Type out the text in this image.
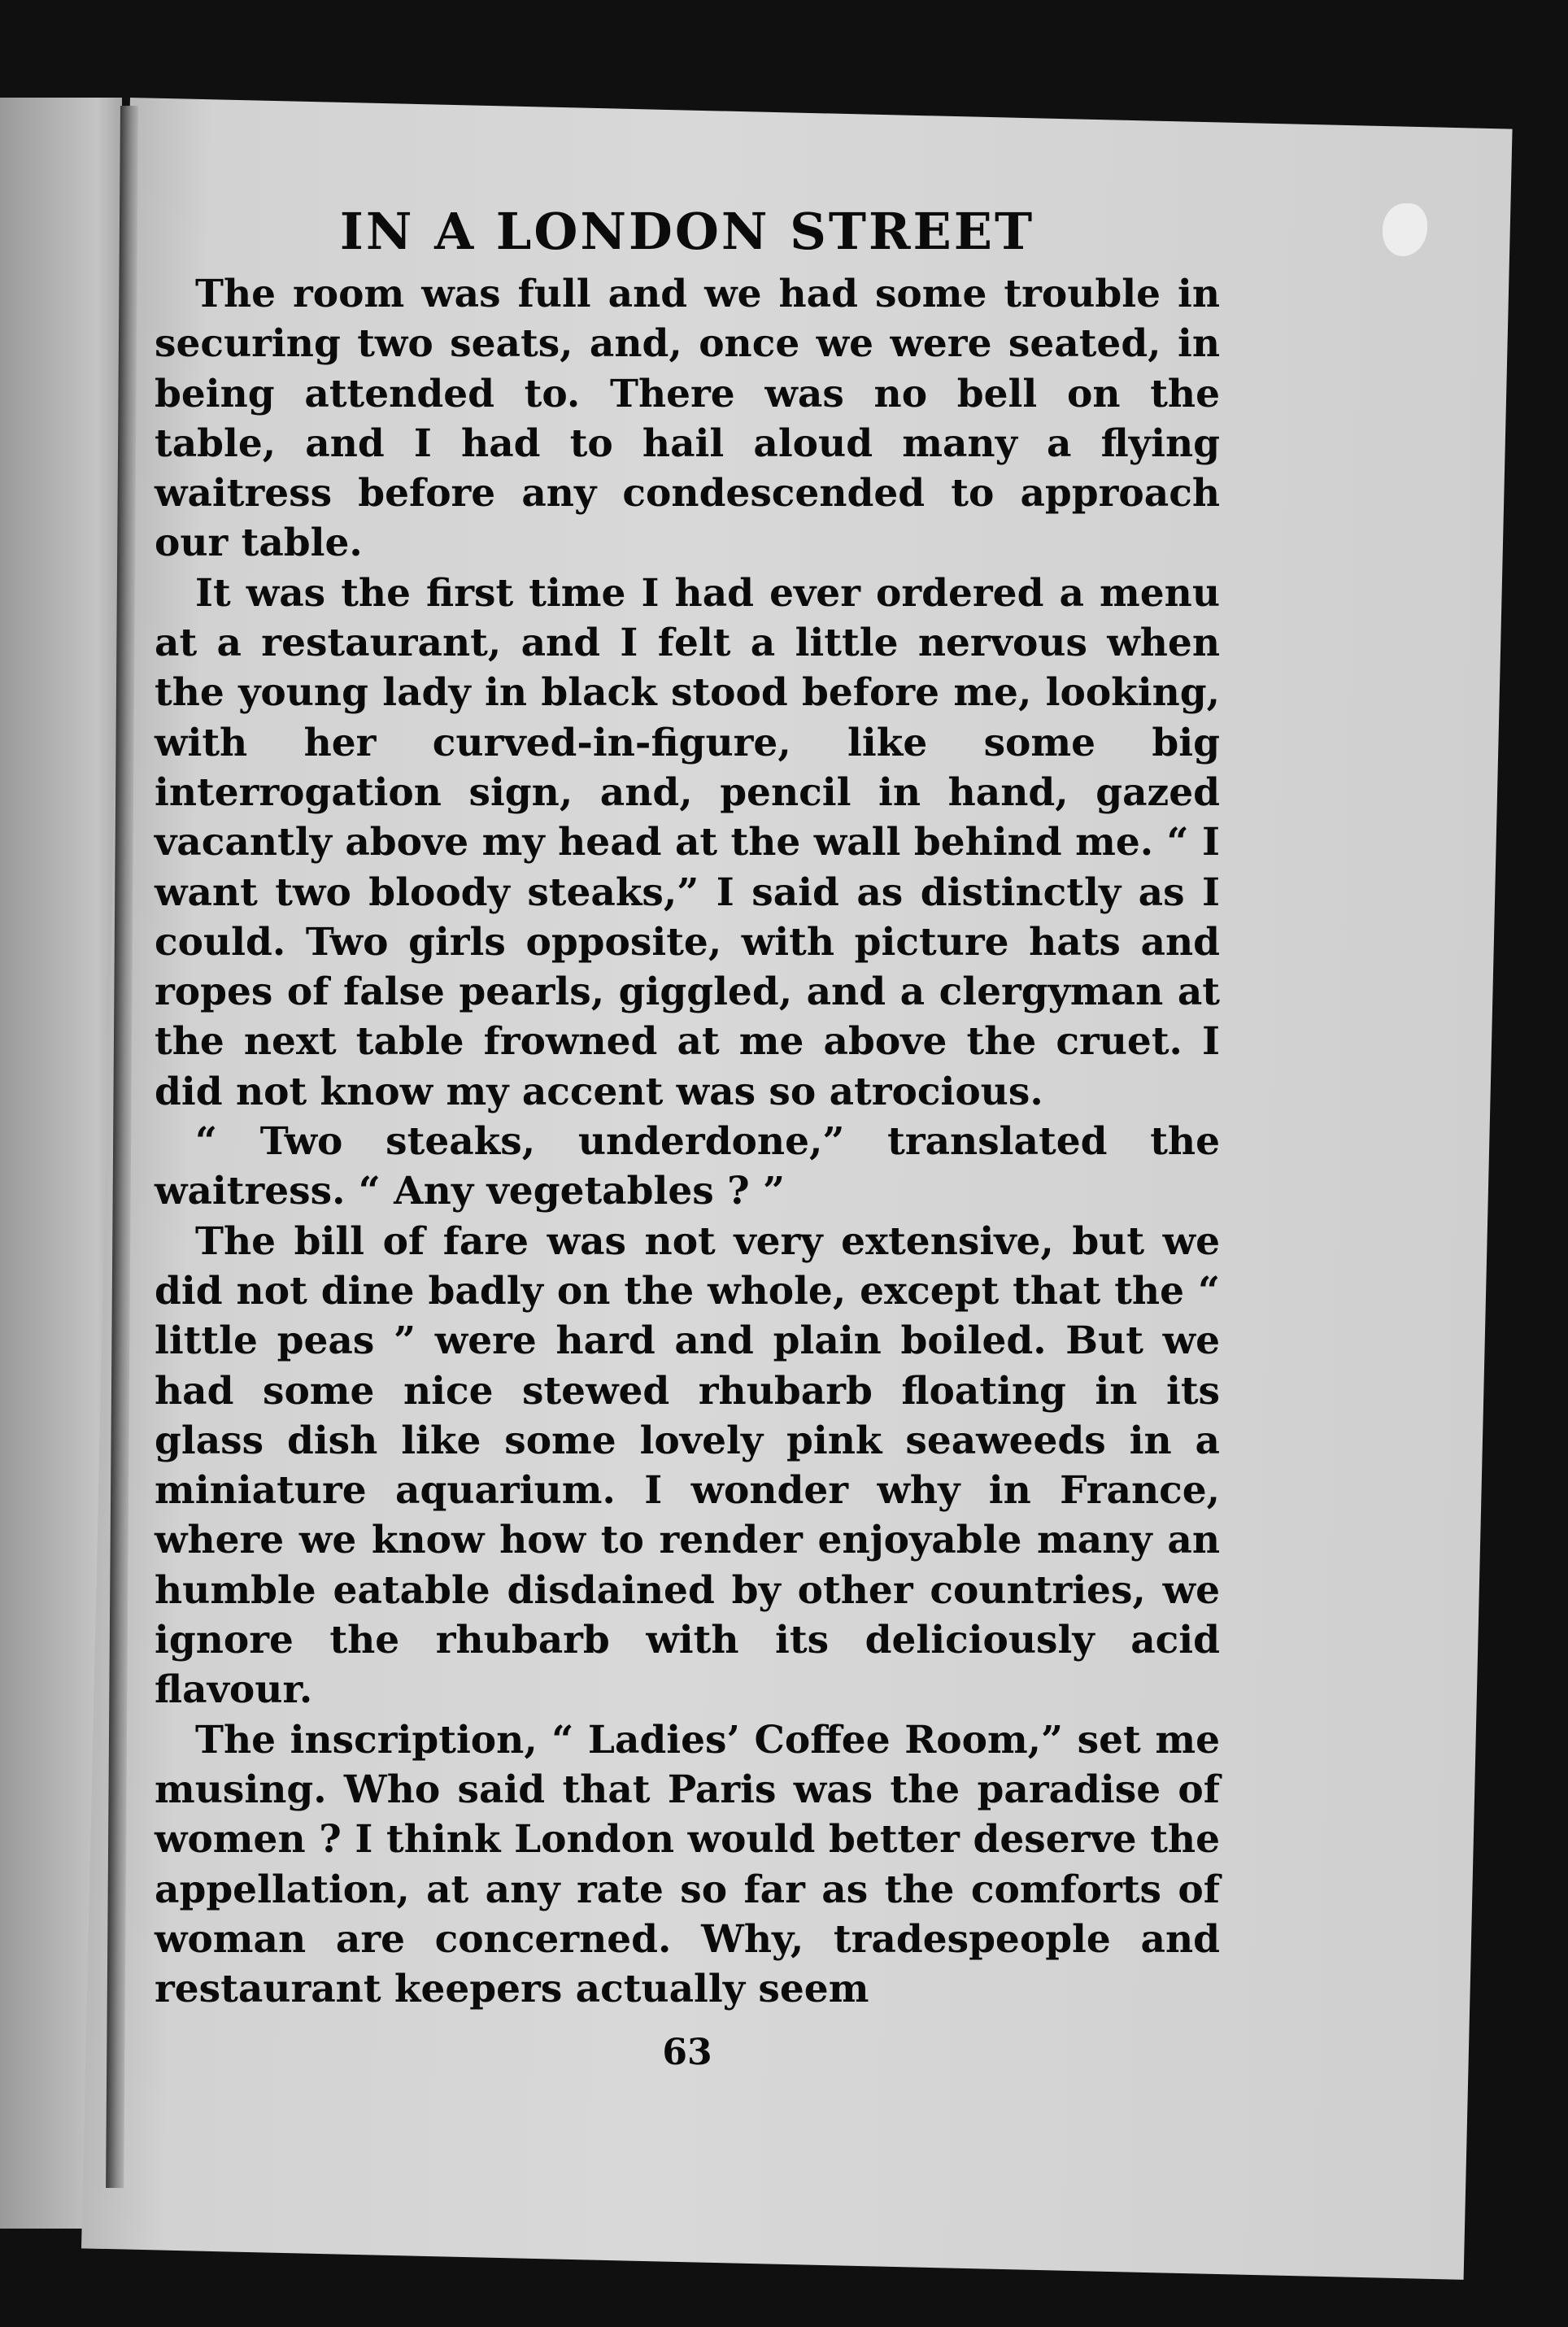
IN A LONDON STREET

The room was full and we had some trouble in securing two seats, and, once we were seated, in being attended to. There was no bell on the table, and I had to hail aloud many a flying waitress before any condescended to approach our table.

It was the first time I had ever ordered a menu at a restaurant, and I felt a little nervous when the young lady in black stood before me, looking, with her curved-in-figure, like some big interrogation sign, and, pencil in hand, gazed vacantly above my head at the wall behind me. “ I want two bloody steaks,” I said as distinctly as I could. Two girls opposite, with picture hats and ropes of false pearls, giggled, and a clergyman at the next table frowned at me above the cruet. I did not know my accent was so atrocious.

“ Two steaks, underdone,” translated the waitress. “ Any vegetables ? ”

The bill of fare was not very extensive, but we did not dine badly on the whole, except that the “ little peas ” were hard and plain boiled. But we had some nice stewed rhubarb floating in its glass dish like some lovely pink seaweeds in a miniature aquarium. I wonder why in France, where we know how to render enjoyable many an humble eatable disdained by other countries, we ignore the rhubarb with its deliciously acid flavour.

The inscription, “ Ladies’ Coffee Room,” set me musing. Who said that Paris was the paradise of women ? I think London would better deserve the appellation, at any rate so far as the comforts of woman are concerned. Why, tradespeople and restaurant keepers actually seem

63
